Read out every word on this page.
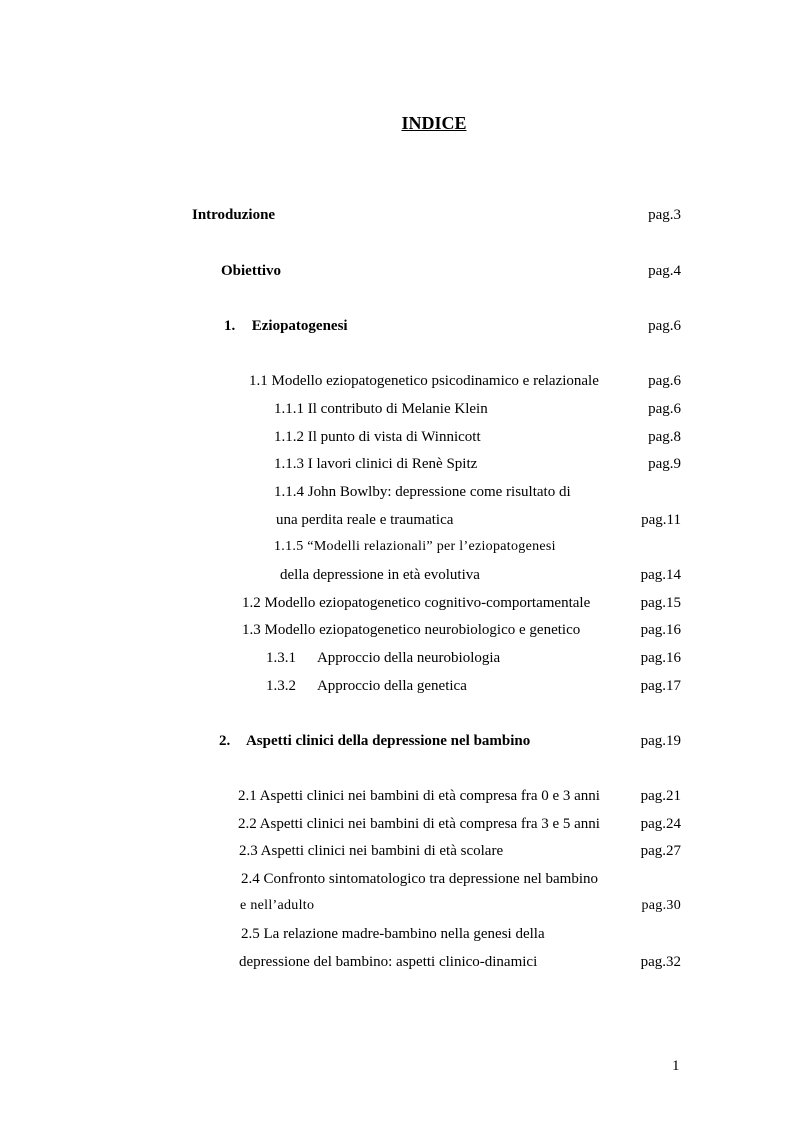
INDICE
Introduzione	pag.3
Obiettivo	pag.4
1. Eziopatogenesi	pag.6
1.1 Modello eziopatogenetico psicodinamico e relazionale	pag.6
1.1.1 Il contributo di Melanie Klein	pag.6
1.1.2 Il punto di vista di Winnicott	pag.8
1.1.3 I lavori clinici di Renè Spitz	pag.9
1.1.4 John Bowlby: depressione come risultato di
una perdita reale e traumatica	pag.11
1.1.5 “Modelli relazionali” per l’eziopatogenesi
della depressione in età evolutiva	pag.14
1.2 Modello eziopatogenetico cognitivo-comportamentale	pag.15
1.3 Modello eziopatogenetico neurobiologico e genetico	pag.16
1.3.1 Approccio della neurobiologia	pag.16
1.3.2 Approccio della genetica	pag.17
2. Aspetti clinici della depressione nel bambino	pag.19
2.1 Aspetti clinici nei bambini di età compresa fra 0 e 3 anni	pag.21
2.2 Aspetti clinici nei bambini di età compresa fra 3 e 5 anni	pag.24
2.3 Aspetti clinici nei bambini di età scolare	pag.27
2.4 Confronto sintomatologico tra depressione nel bambino
e nell’adulto	pag.30
2.5 La relazione madre-bambino nella genesi della
depressione del bambino: aspetti clinico-dinamici	pag.32
1
